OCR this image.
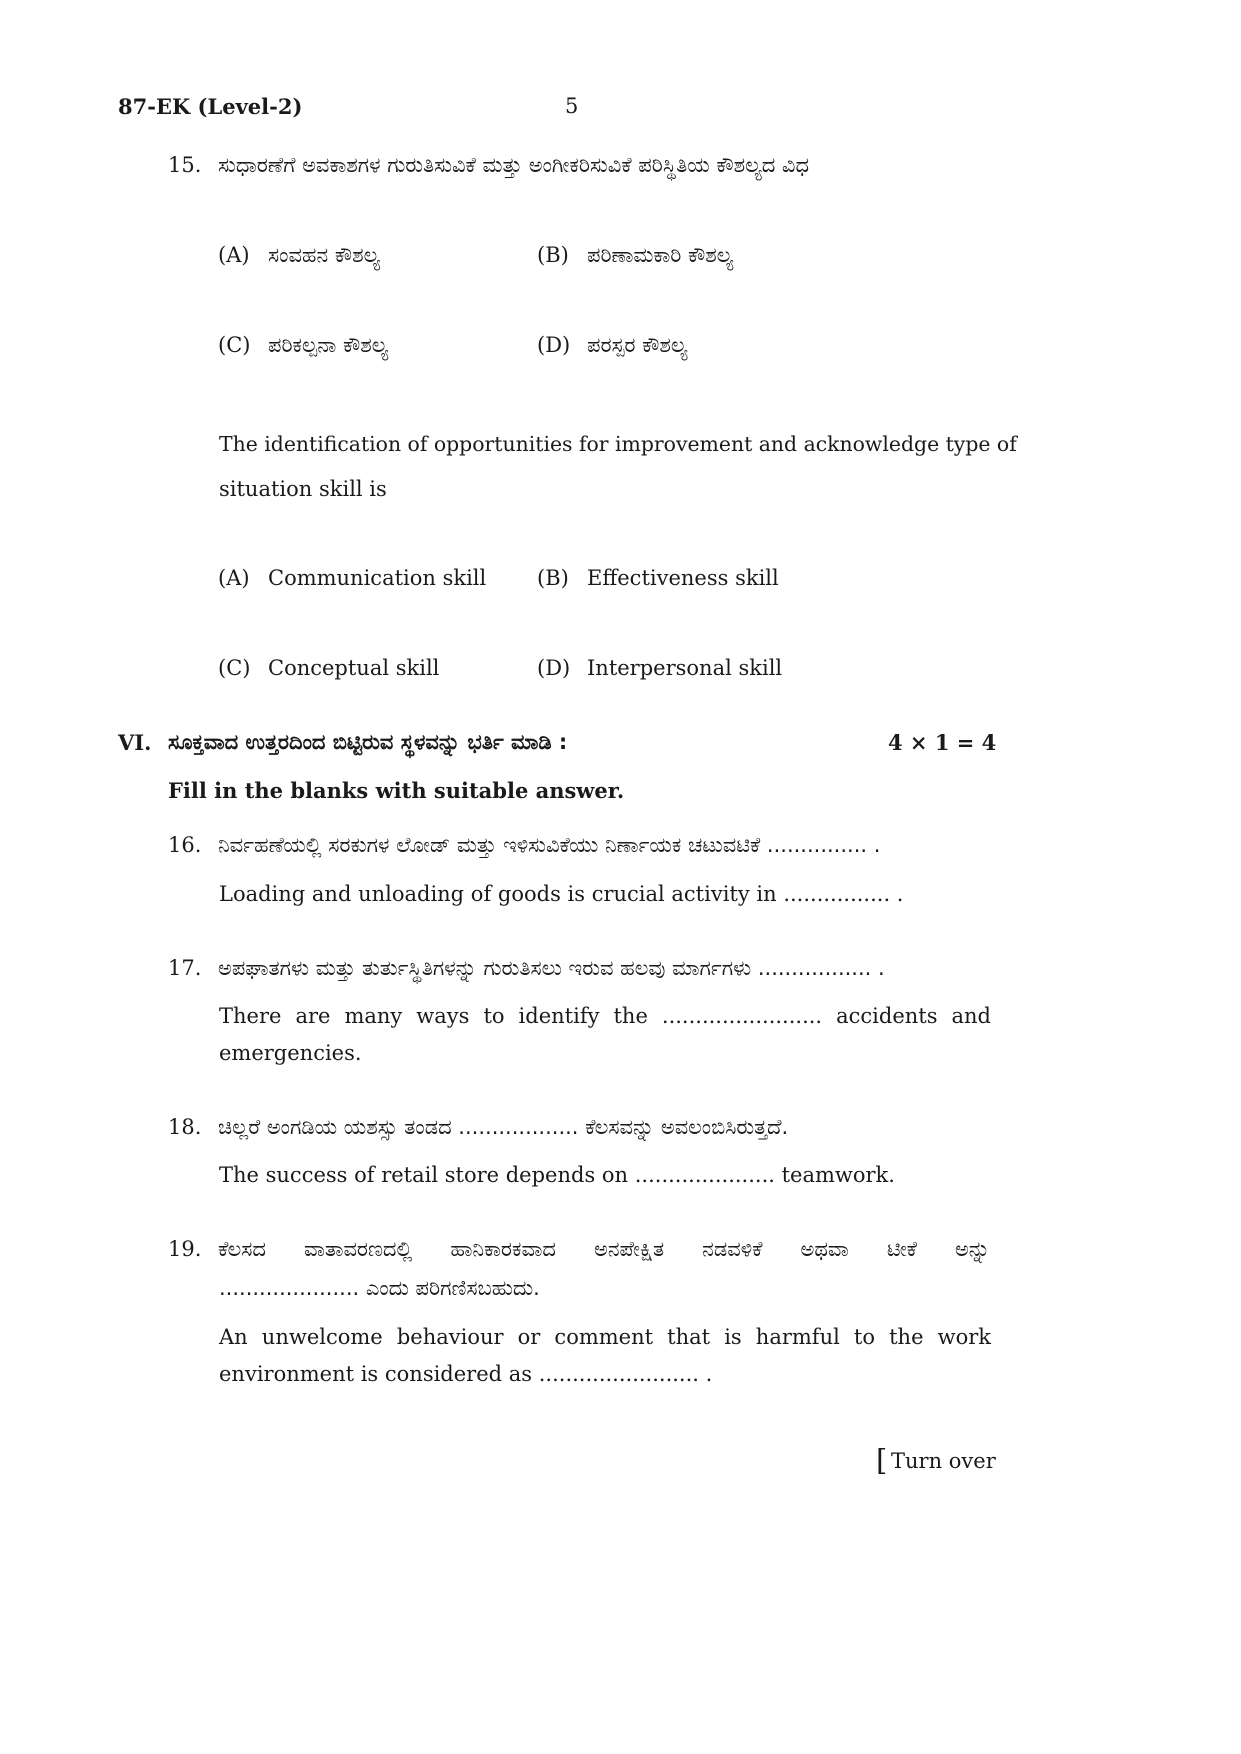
87-EK (Level-2)	5
15. ಸುಧಾರಣೆಗೆ ಅವಕಾಶಗಳ ಗುರುತಿಸುವಿಕೆ ಮತ್ತು ಅಂಗೀಕರಿಸುವಿಕೆ ಪರಿಸ್ಥಿತಿಯ ಕೌಶಲ್ಯದ ವಿಧ
(A) ಸಂವಹನ ಕೌಶಲ್ಯ	(B) ಪರಿಣಾಮಕಾರಿ ಕೌಶಲ್ಯ
(C) ಪರಿಕಲ್ಪನಾ ಕೌಶಲ್ಯ	(D) ಪರಸ್ಪರ ಕೌಶಲ್ಯ
The identification of opportunities for improvement and acknowledge type of
situation skill is
(A) Communication skill (B) Effectiveness skill
(C) Conceptual skill	(D) Interpersonal skill
VI. ಸೂಕ್ತವಾದ ಉತ್ತರದಿಂದ ಬಿಟ್ಟಿರುವ ಸ್ಥಳವನ್ನು ಭರ್ತಿ ಮಾಡಿ :	4 × 1 = 4
Fill in the blanks with suitable answer.
16. ನಿರ್ವಹಣೆಯಲ್ಲಿ ಸರಕುಗಳ ಲೋಡ್ ಮತ್ತು ಇಳಿಸುವಿಕೆಯು ನಿರ್ಣಾಯಕ ಚಟುವಟಿಕೆ ............... .
Loading and unloading of goods is crucial activity in ................ .
17. ಅಪಘಾತಗಳು ಮತ್ತು ತುರ್ತುಸ್ಥಿತಿಗಳನ್ನು ಗುರುತಿಸಲು ಇರುವ ಹಲವು ಮಾರ್ಗಗಳು ................. .
There are many ways to identify the ........................ accidents and
emergencies.
18. ಚಿಲ್ಲರೆ ಅಂಗಡಿಯ ಯಶಸ್ಸು ತಂಡದ .................. ಕೆಲಸವನ್ನು ಅವಲಂಬಿಸಿರುತ್ತದೆ.
The success of retail store depends on ..................... teamwork.
19. ಕೆಲಸದ ವಾತಾವರಣದಲ್ಲಿ ಹಾನಿಕಾರಕವಾದ ಅನಪೇಕ್ಷಿತ ನಡವಳಿಕೆ ಅಥವಾ ಟೀಕೆ ಅನ್ನು
..................... ಎಂದು ಪರಿಗಣಿಸಬಹುದು.
An unwelcome behaviour or comment that is harmful to the work
environment is considered as ........................ .
[ Turn over
